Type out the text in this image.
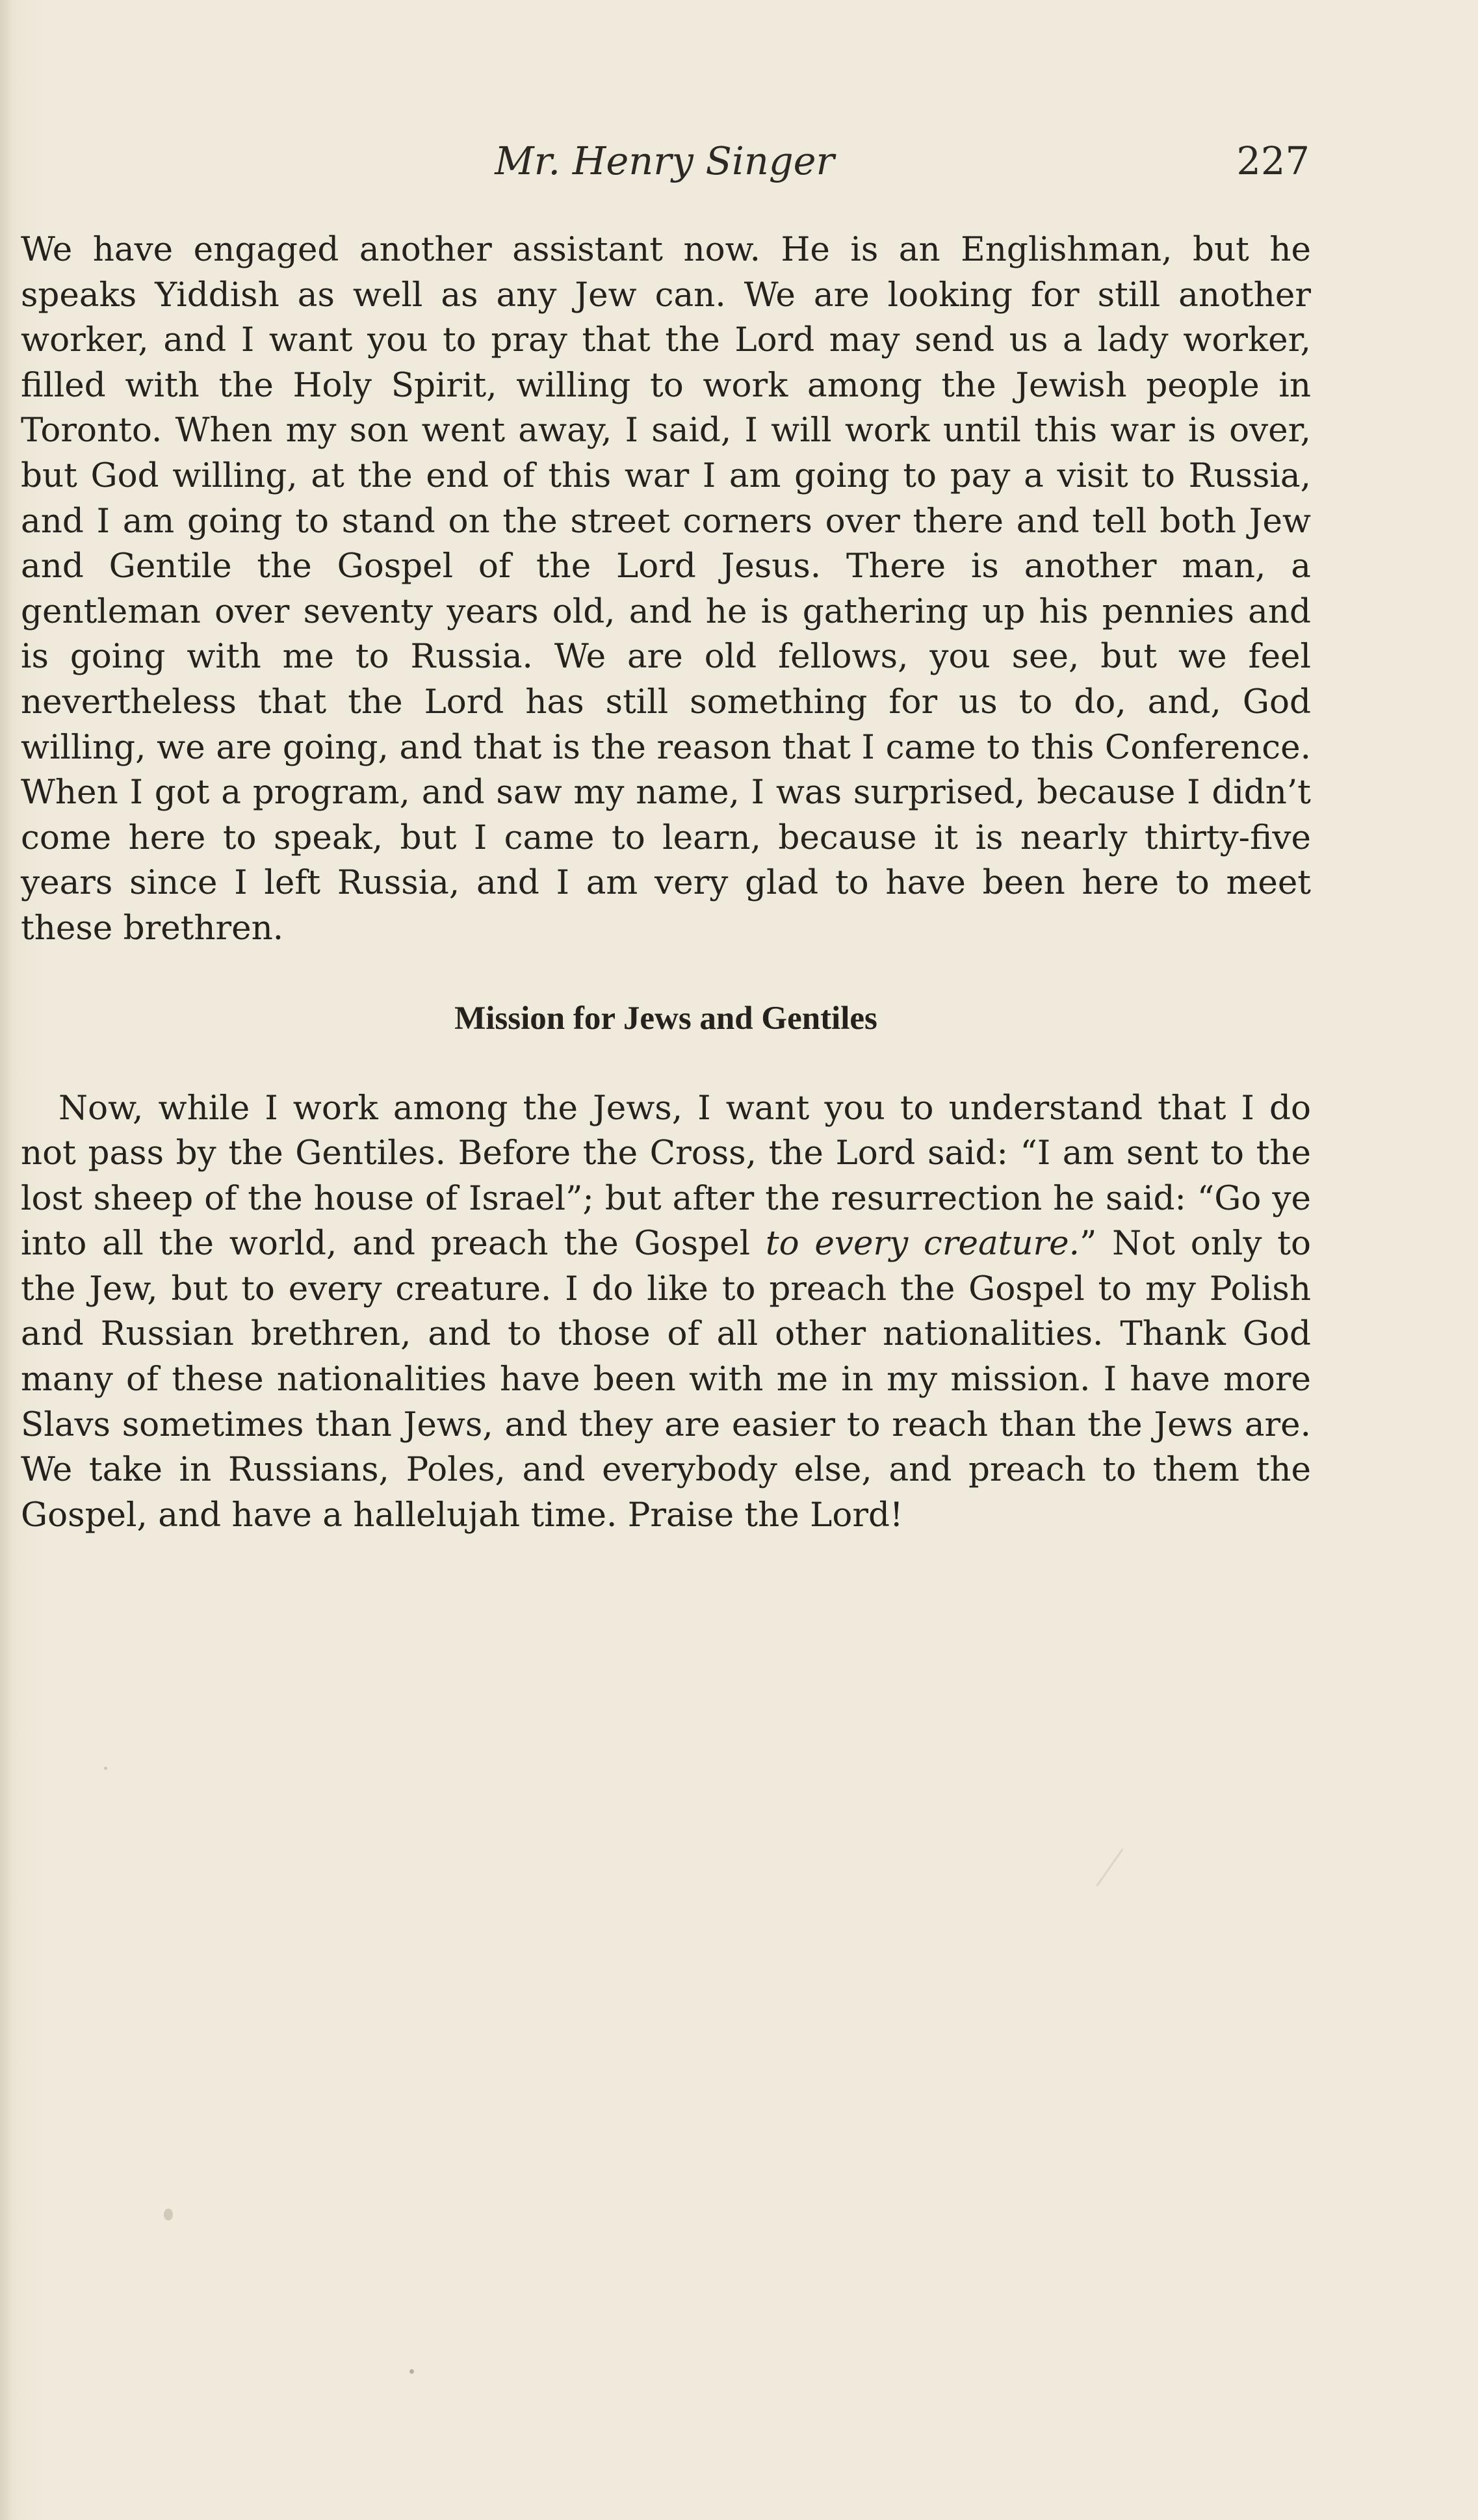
Mr. Henry Singer	227

We have engaged another assistant now. He is an Englishman, but he speaks Yiddish as well as any Jew can. We are looking for still another worker, and I want you to pray that the Lord may send us a lady worker, filled with the Holy Spirit, willing to work among the Jewish people in Toronto. When my son went away, I said, I will work until this war is over, but God willing, at the end of this war I am going to pay a visit to Russia, and I am going to stand on the street corners over there and tell both Jew and Gentile the Gospel of the Lord Jesus. There is another man, a gentleman over seventy years old, and he is gathering up his pennies and is going with me to Russia. We are old fellows, you see, but we feel nevertheless that the Lord has still something for us to do, and, God willing, we are going, and that is the reason that I came to this Conference. When I got a program, and saw my name, I was surprised, because I didn’t come here to speak, but I came to learn, because it is nearly thirty-five years since I left Russia, and I am very glad to have been here to meet these brethren.

Mission for Jews and Gentiles

Now, while I work among the Jews, I want you to understand that I do not pass by the Gentiles. Before the Cross, the Lord said: “I am sent to the lost sheep of the house of Israel”; but after the resurrection he said: “Go ye into all the world, and preach the Gospel to every creature.” Not only to the Jew, but to every creature. I do like to preach the Gospel to my Polish and Russian brethren, and to those of all other nationalities. Thank God many of these nationalities have been with me in my mission. I have more Slavs sometimes than Jews, and they are easier to reach than the Jews are. We take in Russians, Poles, and everybody else, and preach to them the Gospel, and have a hallelujah time. Praise the Lord!
